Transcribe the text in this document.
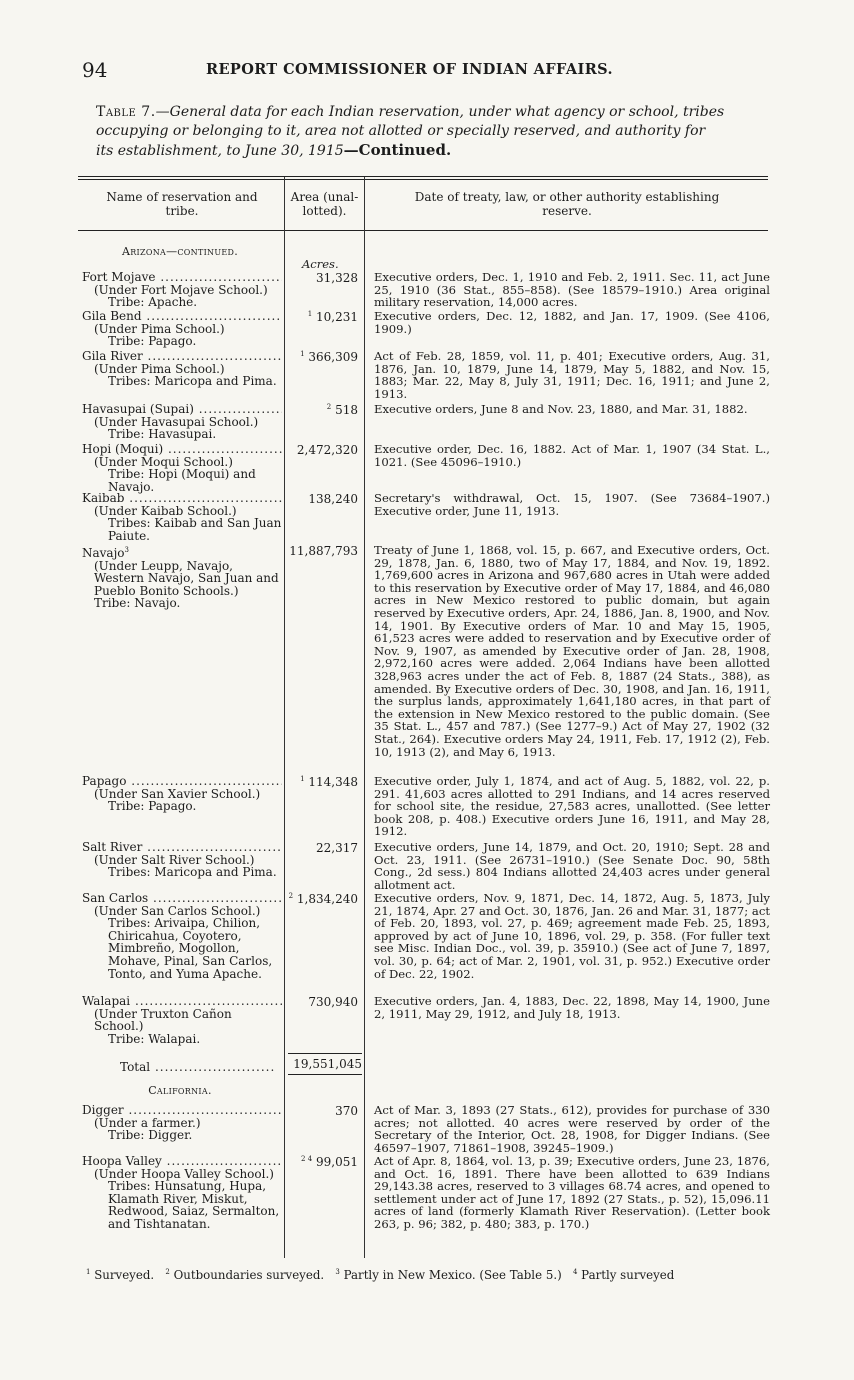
94	REPORT COMMISSIONER OF INDIAN AFFAIRS.
Table 7.—General data for each Indian reservation, under what agency or school, tribes
occupying or belonging to it, area not allotted or specially reserved, and authority for
its establishment, to June 30, 1915—Continued.
Name of reservation and tribe.
Area (unal-lotted).
Date of treaty, law, or other authority establishing reserve.
Arizona—continued.
Acres.
Fort Mojave .....
(Under Fort Mojave School.)
Tribe: Apache.
31,328 Executive orders, Dec. 1, 1910 and Feb. 2, 1911. Sec. 11, act June 25, 1910 (36 Stat., 855–858). (See 18579–1910.) Area original military reservation, 14,000 acres.
Gila Bend .....
(Under Pima School.)
Tribe: Papago.
$^1$ 10,231 Executive orders, Dec. 12, 1882, and Jan. 17, 1909. (See 4106, 1909.)
Gila River .....
(Under Pima School.)
Tribes: Maricopa and Pima.
$^1$ 366,309 Act of Feb. 28, 1859, vol. 11, p. 401; Executive orders, Aug. 31, 1876, Jan. 10, 1879, June 14, 1879, May 5, 1882, and Nov. 15, 1883; Mar. 22, May 8, July 31, 1911; Dec. 16, 1911; and June 2, 1913.
Havasupai (Supai) .....
(Under Havasupai School.)
Tribe: Havasupai.
$^2$ 518 Executive orders, June 8 and Nov. 23, 1880, and Mar. 31, 1882.
Hopi (Moqui) .....
(Under Moqui School.)
Tribe: Hopi (Moqui) and Navajo.
2,472,320 Executive order, Dec. 16, 1882. Act of Mar. 1, 1907 (34 Stat. L., 1021. (See 45096–1910.)
Kaibab .....
(Under Kaibab School.)
Tribes: Kaibab and San Juan Paiute.
138,240 Secretary's withdrawal, Oct. 15, 1907. (See 73684–1907.) Executive order, June 11, 1913.
Navajo$^3$
(Under Leupp, Navajo, Western Navajo, San Juan and Pueblo Bonito Schools.)
Tribe: Navajo.
11,887,793 Treaty of June 1, 1868, vol. 15, p. 667, and Executive orders, Oct. 29, 1878, Jan. 6, 1880, two of May 17, 1884, and Nov. 19, 1892. 1,769,600 acres in Arizona and 967,680 acres in Utah were added to this reservation by Executive order of May 17, 1884, and 46,080 acres in New Mexico restored to public domain, but again reserved by Executive orders, Apr. 24, 1886, Jan. 8, 1900, and Nov. 14, 1901. By Executive orders of Mar. 10 and May 15, 1905, 61,523 acres were added to reservation and by Executive order of Nov. 9, 1907, as amended by Executive order of Jan. 28, 1908, 2,972,160 acres were added. 2,064 Indians have been allotted 328,963 acres under the act of Feb. 8, 1887 (24 Stats., 388), as amended. By Executive orders of Dec. 30, 1908, and Jan. 16, 1911, the surplus lands, approximately 1,641,180 acres, in that part of the extension in New Mexico restored to the public domain. (See 35 Stat. L., 457 and 787.) (See 1277–9.) Act of May 27, 1902 (32 Stat., 264). Executive orders May 24, 1911, Feb. 17, 1912 (2), Feb. 10, 1913 (2), and May 6, 1913.
Papago .....
(Under San Xavier School.)
Tribe: Papago.
$^1$ 114,348 Executive order, July 1, 1874, and act of Aug. 5, 1882, vol. 22, p. 291. 41,603 acres allotted to 291 Indians, and 14 acres reserved for school site, the residue, 27,583 acres, unallotted. (See letter book 208, p. 408.) Executive orders June 16, 1911, and May 28, 1912.
Salt River .....
(Under Salt River School.)
Tribes: Maricopa and Pima.
22,317 Executive orders, June 14, 1879, and Oct. 20, 1910; Sept. 28 and Oct. 23, 1911. (See 26731–1910.) (See Senate Doc. 90, 58th Cong., 2d sess.) 804 Indians allotted 24,403 acres under general allotment act.
San Carlos .....
(Under San Carlos School.)
Tribes: Arivaipa, Chilion, Chiricahua, Coyotero, Mimbreño, Mogollon, Mohave, Pinal, San Carlos, Tonto, and Yuma Apache.
$^2$ 1,834,240 Executive orders, Nov. 9, 1871, Dec. 14, 1872, Aug. 5, 1873, July 21, 1874, Apr. 27 and Oct. 30, 1876, Jan. 26 and Mar. 31, 1877; act of Feb. 20, 1893, vol. 27, p. 469; agreement made Feb. 25, 1893, approved by act of June 10, 1896, vol. 29, p. 358. (For fuller text see Misc. Indian Doc., vol. 39, p. 35910.) (See act of June 7, 1897, vol. 30, p. 64; act of Mar. 2, 1901, vol. 31, p. 952.) Executive order of Dec. 22, 1902.
Walapai .....
(Under Truxton Cañon School.)
Tribe: Walapai.
730,940 Executive orders, Jan. 4, 1883, Dec. 22, 1898, May 14, 1900, June 2, 1911, May 29, 1912, and July 18, 1913.
Total .....	19,551,045
California.
Digger .....
(Under a farmer.)
Tribe: Digger.
370 Act of Mar. 3, 1893 (27 Stats., 612), provides for purchase of 330 acres; not allotted. 40 acres were reserved by order of the Secretary of the Interior, Oct. 28, 1908, for Digger Indians. (See 46597–1907, 71861–1908, 39245–1909.)
Hoopa Valley .....
(Under Hoopa Valley School.)
Tribes: Hunsatung, Hupa, Klamath River, Miskut, Redwood, Saiaz, Sermalton, and Tishtanatan.
$^{2 4}$ 99,051 Act of Apr. 8, 1864, vol. 13, p. 39; Executive orders, June 23, 1876, and Oct. 16, 1891. There have been allotted to 639 Indians 29,143.38 acres, reserved to 3 villages 68.74 acres, and opened to settlement under act of June 17, 1892 (27 Stats., p. 52), 15,096.11 acres of land (formerly Klamath River Reservation). (Letter book 263, p. 96; 382, p. 480; 383, p. 170.)
$^1$ Surveyed. $^2$ Outboundaries surveyed. $^3$ Partly in New Mexico. (See Table 5.) $^4$ Partly surveyed
